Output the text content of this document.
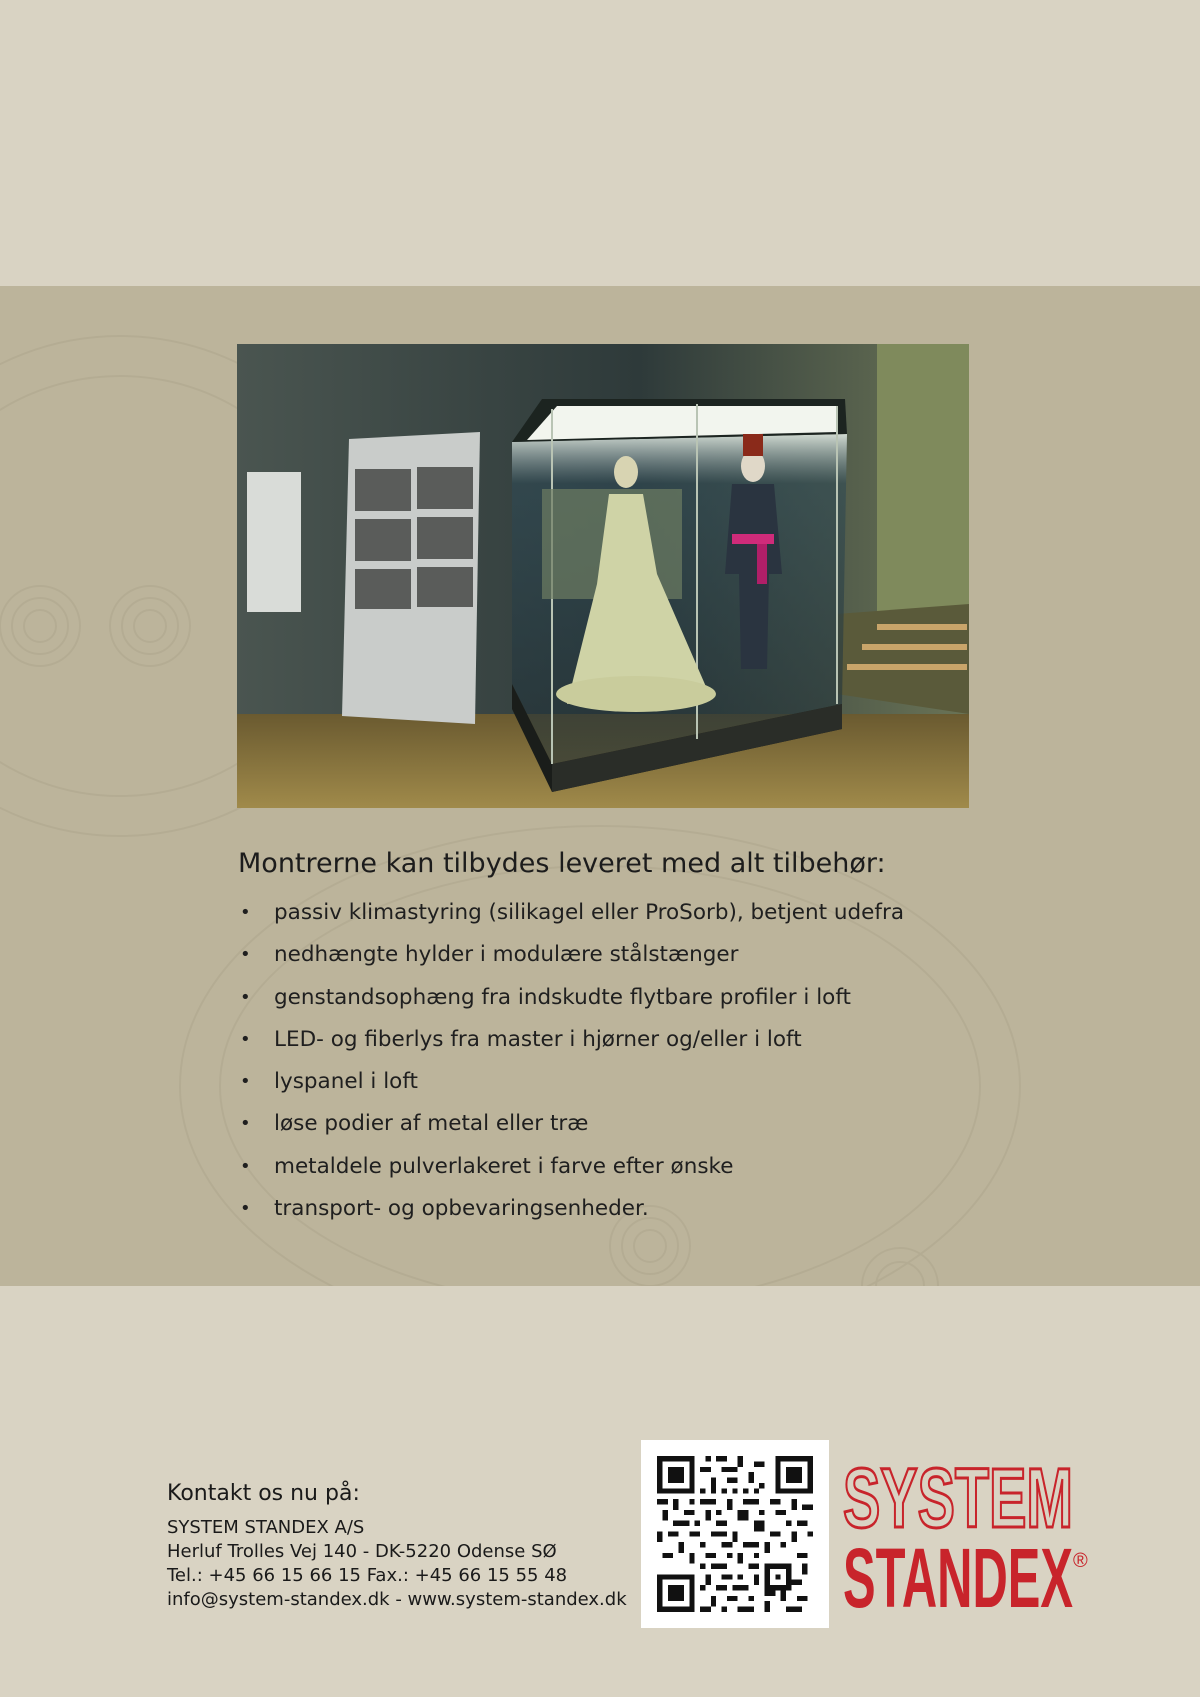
Montrerne kan tilbydes leveret med alt tilbehør:
• passiv klimastyring (silikagel eller ProSorb), betjent udefra
• nedhængte hylder i modulære stålstænger
• genstandsophæng fra indskudte flytbare profiler i loft
• LED- og fiberlys fra master i hjørner og/eller i loft
• lyspanel i loft
• løse podier af metal eller træ
• metaldele pulverlakeret i farve efter ønske
• transport- og opbevaringsenheder.
Kontakt os nu på:
SYSTEM STANDEX A/S
Herluf Trolles Vej 140 - DK-5220 Odense SØ
Tel.: +45 66 15 66 15 Fax.: +45 66 15 55 48
info@system-standex.dk - www.system-standex.dk
SYSTEM
STANDEX ®
